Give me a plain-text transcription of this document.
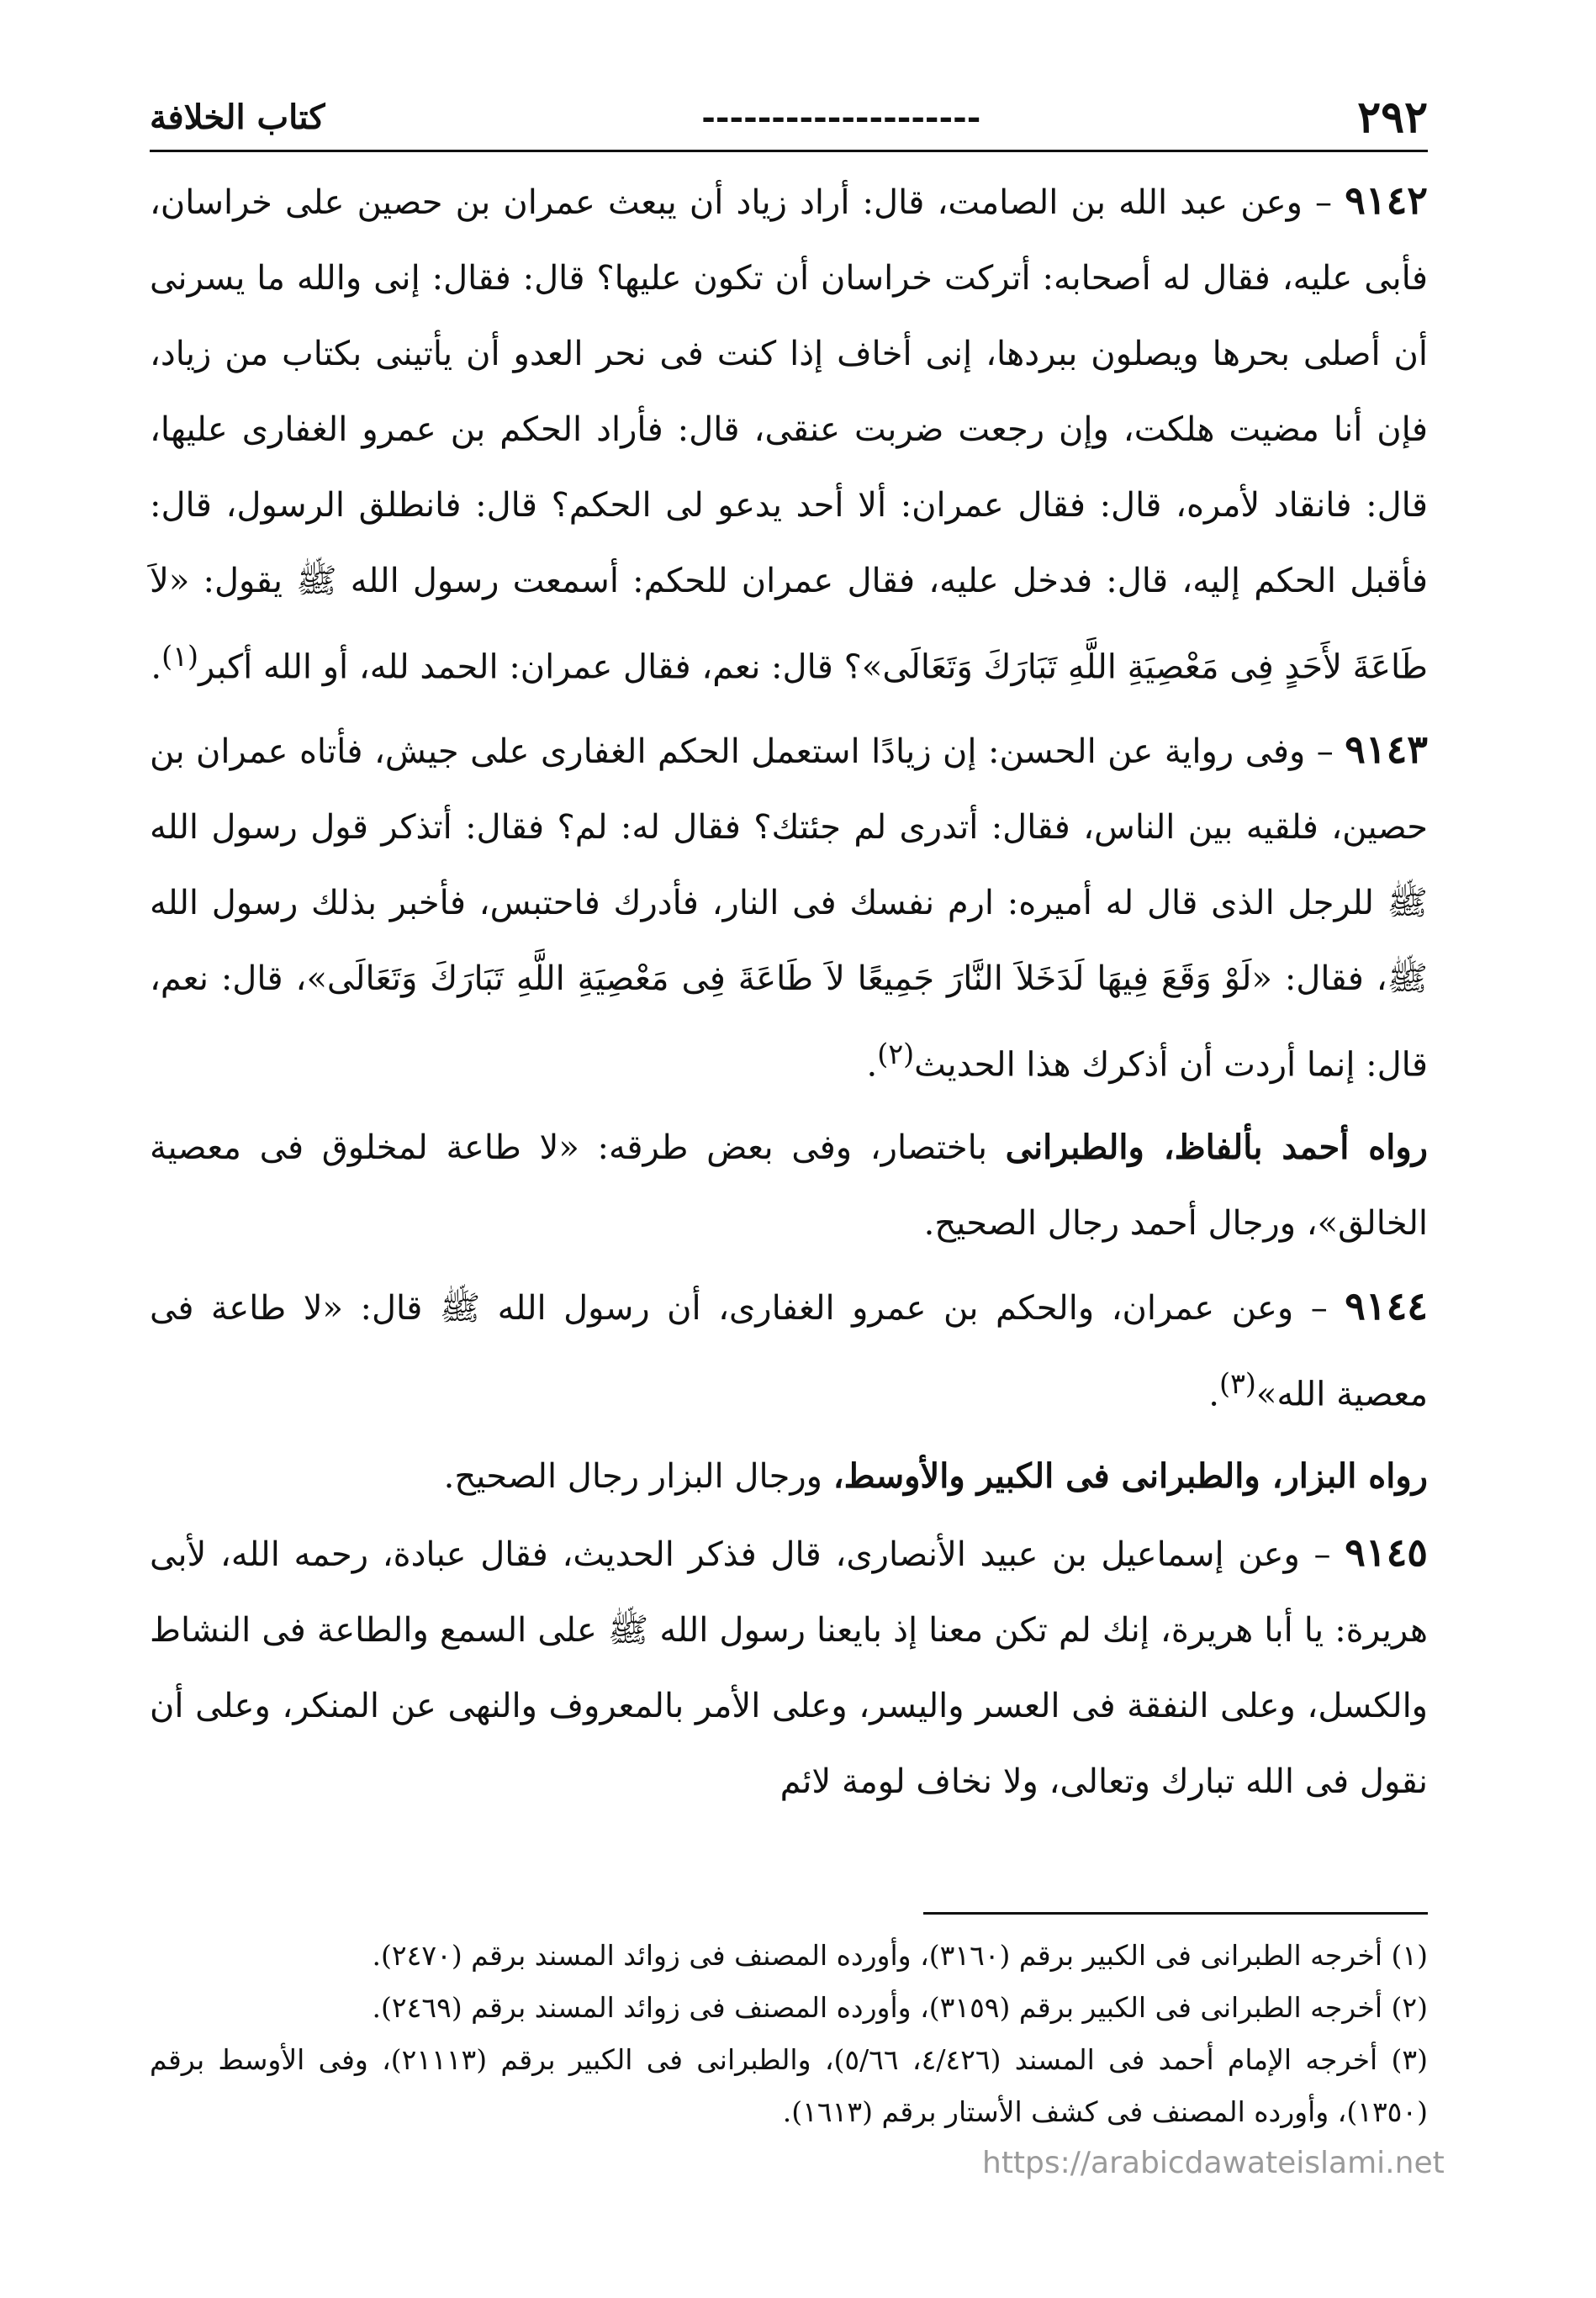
٢٩٢
--------------------
كتاب الخلافة

٩١٤٢ – وعن عبد الله بن الصامت، قال: أراد زياد أن يبعث عمران بن حصين على خراسان، فأبى عليه، فقال له أصحابه: أتركت خراسان أن تكون عليها؟ قال: فقال: إنى والله ما يسرنى أن أصلى بحرها ويصلون ببردها، إنى أخاف إذا كنت فى نحر العدو أن يأتينى بكتاب من زياد، فإن أنا مضيت هلكت، وإن رجعت ضربت عنقى، قال: فأراد الحكم بن عمرو الغفارى عليها، قال: فانقاد لأمره، قال: فقال عمران: ألا أحد يدعو لى الحكم؟ قال: فانطلق الرسول، قال: فأقبل الحكم إليه، قال: فدخل عليه، فقال عمران للحكم: أسمعت رسول الله ﷺ يقول: «لاَ طَاعَةَ لأَحَدٍ فِى مَعْصِيَةِ اللَّهِ تَبَارَكَ وَتَعَالَى»؟ قال: نعم، فقال عمران: الحمد لله، أو الله أكبر$^{(١)}$.

٩١٤٣ – وفى رواية عن الحسن: إن زيادًا استعمل الحكم الغفارى على جيش، فأتاه عمران بن حصين، فلقيه بين الناس، فقال: أتدرى لم جئتك؟ فقال له: لم؟ فقال: أتذكر قول رسول الله ﷺ للرجل الذى قال له أميره: ارم نفسك فى النار، فأدرك فاحتبس، فأخبر بذلك رسول الله ﷺ، فقال: «لَوْ وَقَعَ فِيهَا لَدَخَلاَ النَّارَ جَمِيعًا لاَ طَاعَةَ فِى مَعْصِيَةِ اللَّهِ تَبَارَكَ وَتَعَالَى»، قال: نعم، قال: إنما أردت أن أذكرك هذا الحديث$^{(٢)}$.

رواه أحمد بألفاظ، والطبرانى باختصار، وفى بعض طرقه: «لا طاعة لمخلوق فى معصية الخالق»، ورجال أحمد رجال الصحيح.

٩١٤٤ – وعن عمران، والحكم بن عمرو الغفارى، أن رسول الله ﷺ قال: «لا طاعة فى معصية الله»$^{(٣)}$.

رواه البزار، والطبرانى فى الكبير والأوسط، ورجال البزار رجال الصحيح.

٩١٤٥ – وعن إسماعيل بن عبيد الأنصارى، قال فذكر الحديث، فقال عبادة، رحمه الله، لأبى هريرة: يا أبا هريرة، إنك لم تكن معنا إذ بايعنا رسول الله ﷺ على السمع والطاعة فى النشاط والكسل، وعلى النفقة فى العسر واليسر، وعلى الأمر بالمعروف والنهى عن المنكر، وعلى أن نقول فى الله تبارك وتعالى، ولا نخاف لومة لائم

(١) أخرجه الطبرانى فى الكبير برقم (٣١٦٠)، وأورده المصنف فى زوائد المسند برقم (٢٤٧٠).

(٢) أخرجه الطبرانى فى الكبير برقم (٣١٥٩)، وأورده المصنف فى زوائد المسند برقم (٢٤٦٩).

(٣) أخرجه الإمام أحمد فى المسند (٤/٤٢٦، ٥/٦٦)، والطبرانى فى الكبير برقم (٢١١١٣)، وفى الأوسط برقم (١٣٥٠)، وأورده المصنف فى كشف الأستار برقم (١٦١٣).

https://arabicdawateislami.net
